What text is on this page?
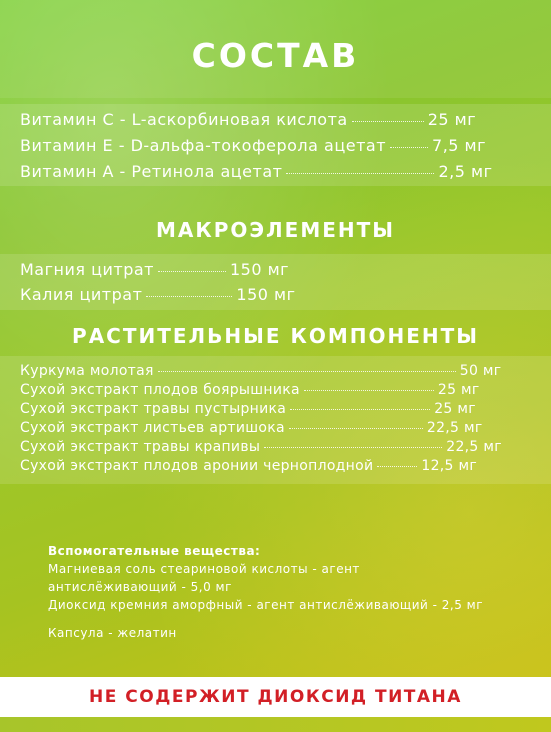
СОСТАВ
Витамин С - L-аскорбиновая кислота	25 мг
Витамин Е - D-альфа-токоферола ацетат	7,5 мг
Витамин А - Ретинола ацетат	2,5 мг
МАКРОЭЛЕМЕНТЫ
Магния цитрат	150 мг
Калия цитрат	150 мг
РАСТИТЕЛЬНЫЕ КОМПОНЕНТЫ
Куркума молотая	50 мг
Сухой экстракт плодов боярышника	25 мг
Сухой экстракт травы пустырника	25 мг
Сухой экстракт листьев артишока	22,5 мг
Сухой экстракт травы крапивы	22,5 мг
Сухой экстракт плодов аронии черноплодной	12,5 мг
Вспомогательные вещества:
Магниевая соль стеариновой кислоты - агент
антислёживающий - 5,0 мг
Диоксид кремния аморфный - агент антислёживающий - 2,5 мг
Капсула - желатин
НЕ СОДЕРЖИТ ДИОКСИД ТИТАНА
